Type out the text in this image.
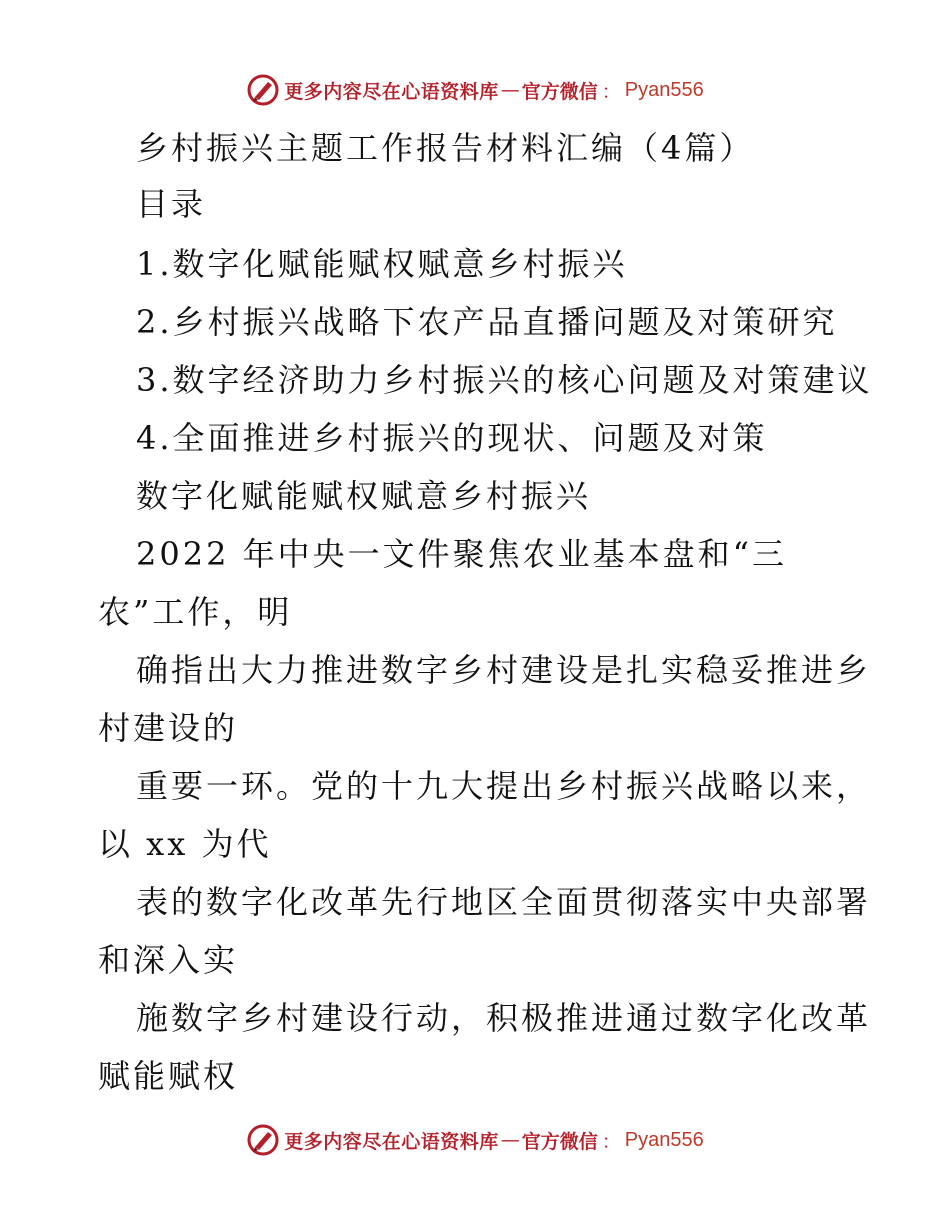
更多内容尽在心语资料库 — 官方微信 ： Pyan556
乡村振兴主题工作报告材料汇编（4篇）
目录
1.数字化赋能赋权赋意乡村振兴
2.乡村振兴战略下农产品直播问题及对策研究
3.数字经济助力乡村振兴的核心问题及对策建议
4.全面推进乡村振兴的现状、问题及对策
数字化赋能赋权赋意乡村振兴
2022 年中央一文件聚焦农业基本盘和“三
农”工作，明
确指出大力推进数字乡村建设是扎实稳妥推进乡
村建设的
重要一环。党的十九大提出乡村振兴战略以来，
以 xx 为代
表的数字化改革先行地区全面贯彻落实中央部署
和深入实
施数字乡村建设行动，积极推进通过数字化改革
赋能赋权
更多内容尽在心语资料库 — 官方微信 ： Pyan556
